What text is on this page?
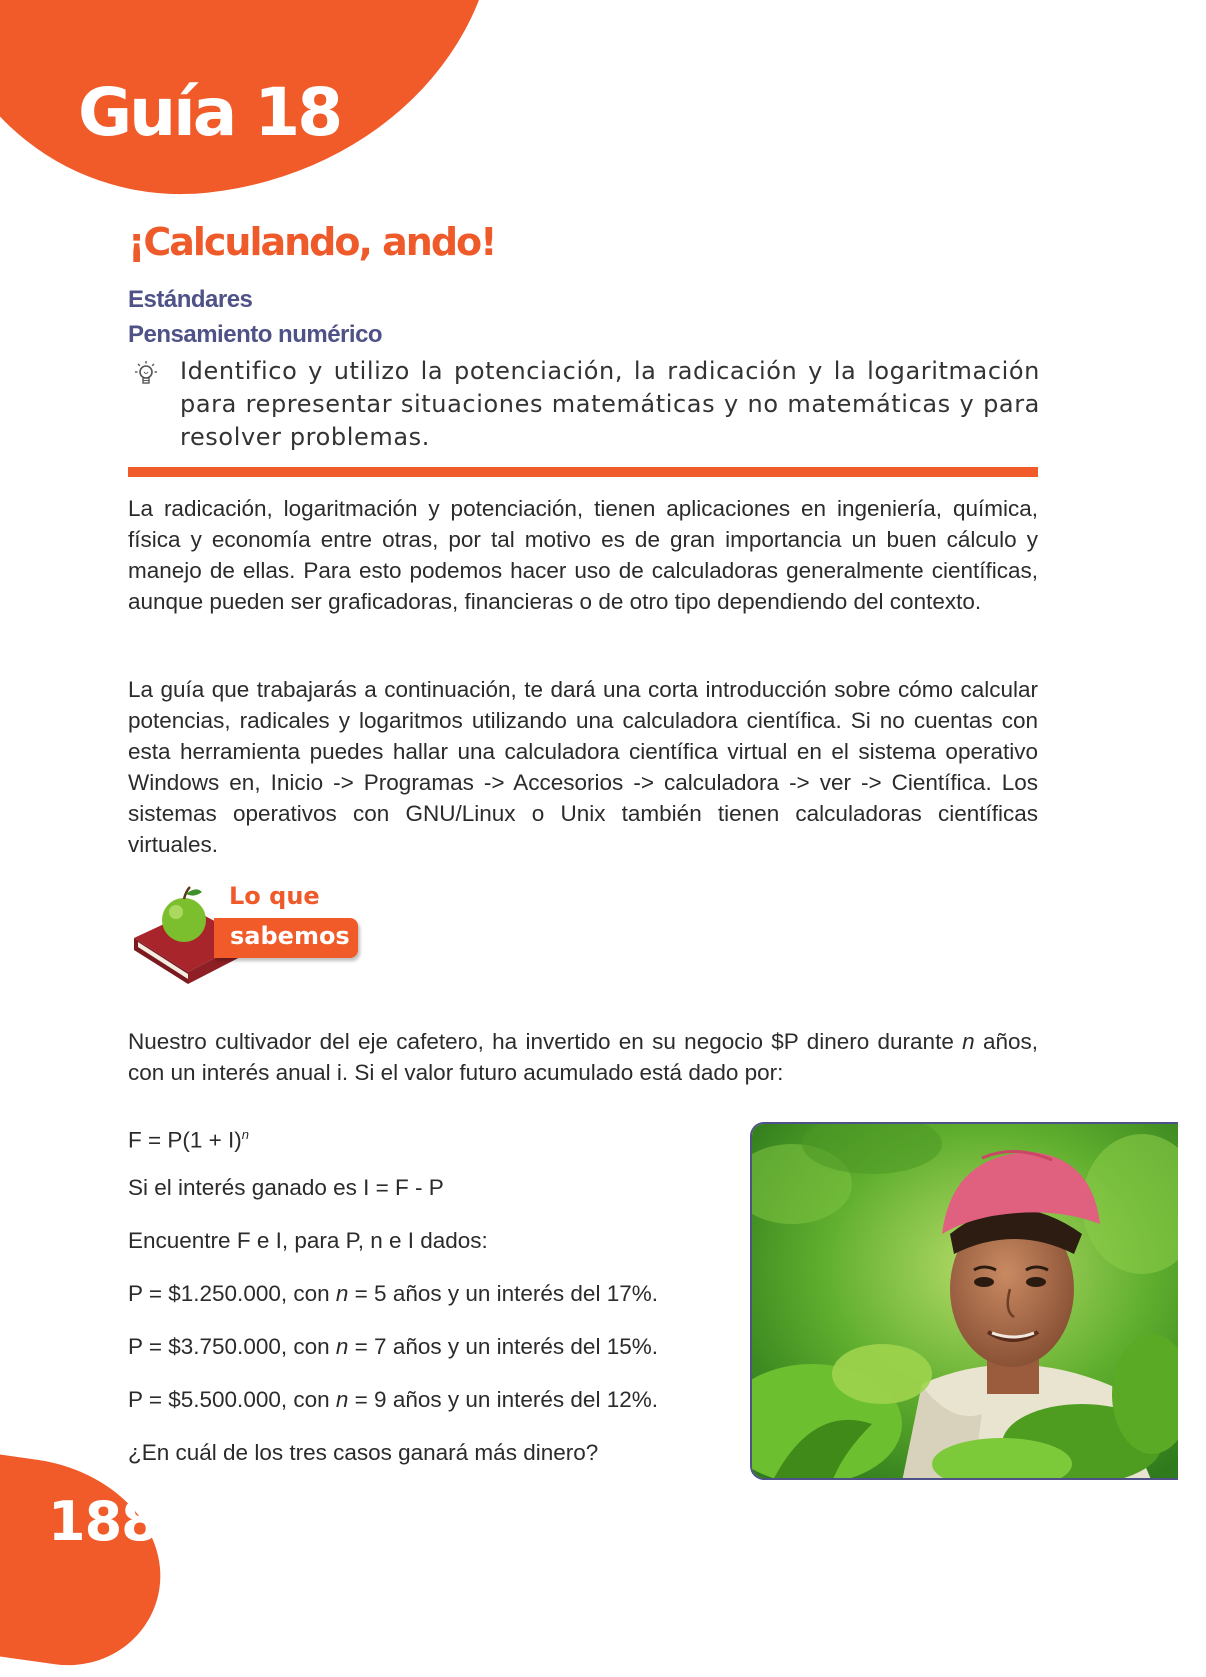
Guía 18
¡Calculando, ando!
Estándares
Pensamiento numérico

Identifico y utilizo la potenciación, la radicación y la logaritmación para representar situaciones matemáticas y no matemáticas y para resolver problemas.

La radicación, logaritmación y potenciación, tienen aplicaciones en ingeniería, química, física y economía entre otras, por tal motivo es de gran importancia un buen cálculo y manejo de ellas. Para esto podemos hacer uso de calculadoras generalmente científicas, aunque pueden ser graficadoras, financieras o de otro tipo dependiendo del contexto.

La guía que trabajarás a continuación, te dará una corta introducción sobre cómo calcular potencias, radicales y logaritmos utilizando una calculadora científica. Si no cuentas con esta herramienta puedes hallar una calculadora científica virtual en el sistema operativo Windows en, Inicio -> Programas -> Accesorios -> calculadora -> ver -> Científica. Los sistemas operativos con GNU/Linux o Unix también tienen calculadoras científicas virtuales.

Lo que

sabemos

Nuestro cultivador del eje cafetero, ha invertido en su negocio $P dinero durante n años, con un interés anual i. Si el valor futuro acumulado está dado por:

$F = P(1 + I)^n$

Si el interés ganado es I = F - P

Encuentre F e I, para P, n e I dados:

P = $1.250.000, con n = 5 años y un interés del 17%.

P = $3.750.000, con n = 7 años y un interés del 15%.

P = $5.500.000, con n = 9 años y un interés del 12%.

¿En cuál de los tres casos ganará más dinero?

188
